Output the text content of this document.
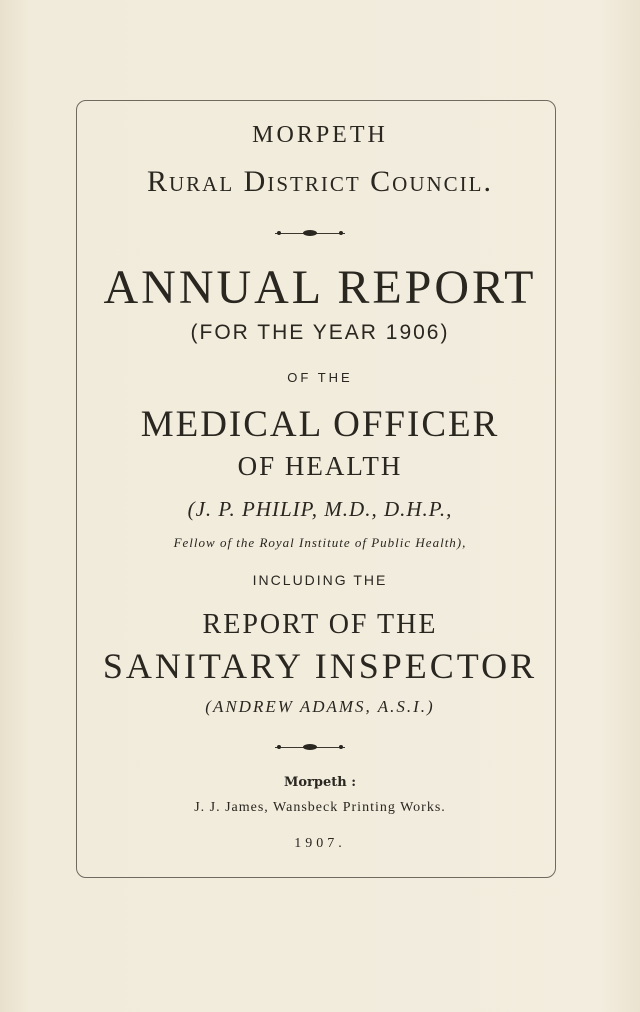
MORPETH
Rural District Council.
ANNUAL REPORT
(FOR THE YEAR 1906)
OF THE
MEDICAL OFFICER
OF HEALTH
(J. P. PHILIP, M.D., D.H.P.,
Fellow of the Royal Institute of Public Health),
INCLUDING THE
REPORT OF THE
SANITARY INSPECTOR
(ANDREW ADAMS, A.S.I.)
Morpeth :
J. J. James, Wansbeck Printing Works.
1907.
